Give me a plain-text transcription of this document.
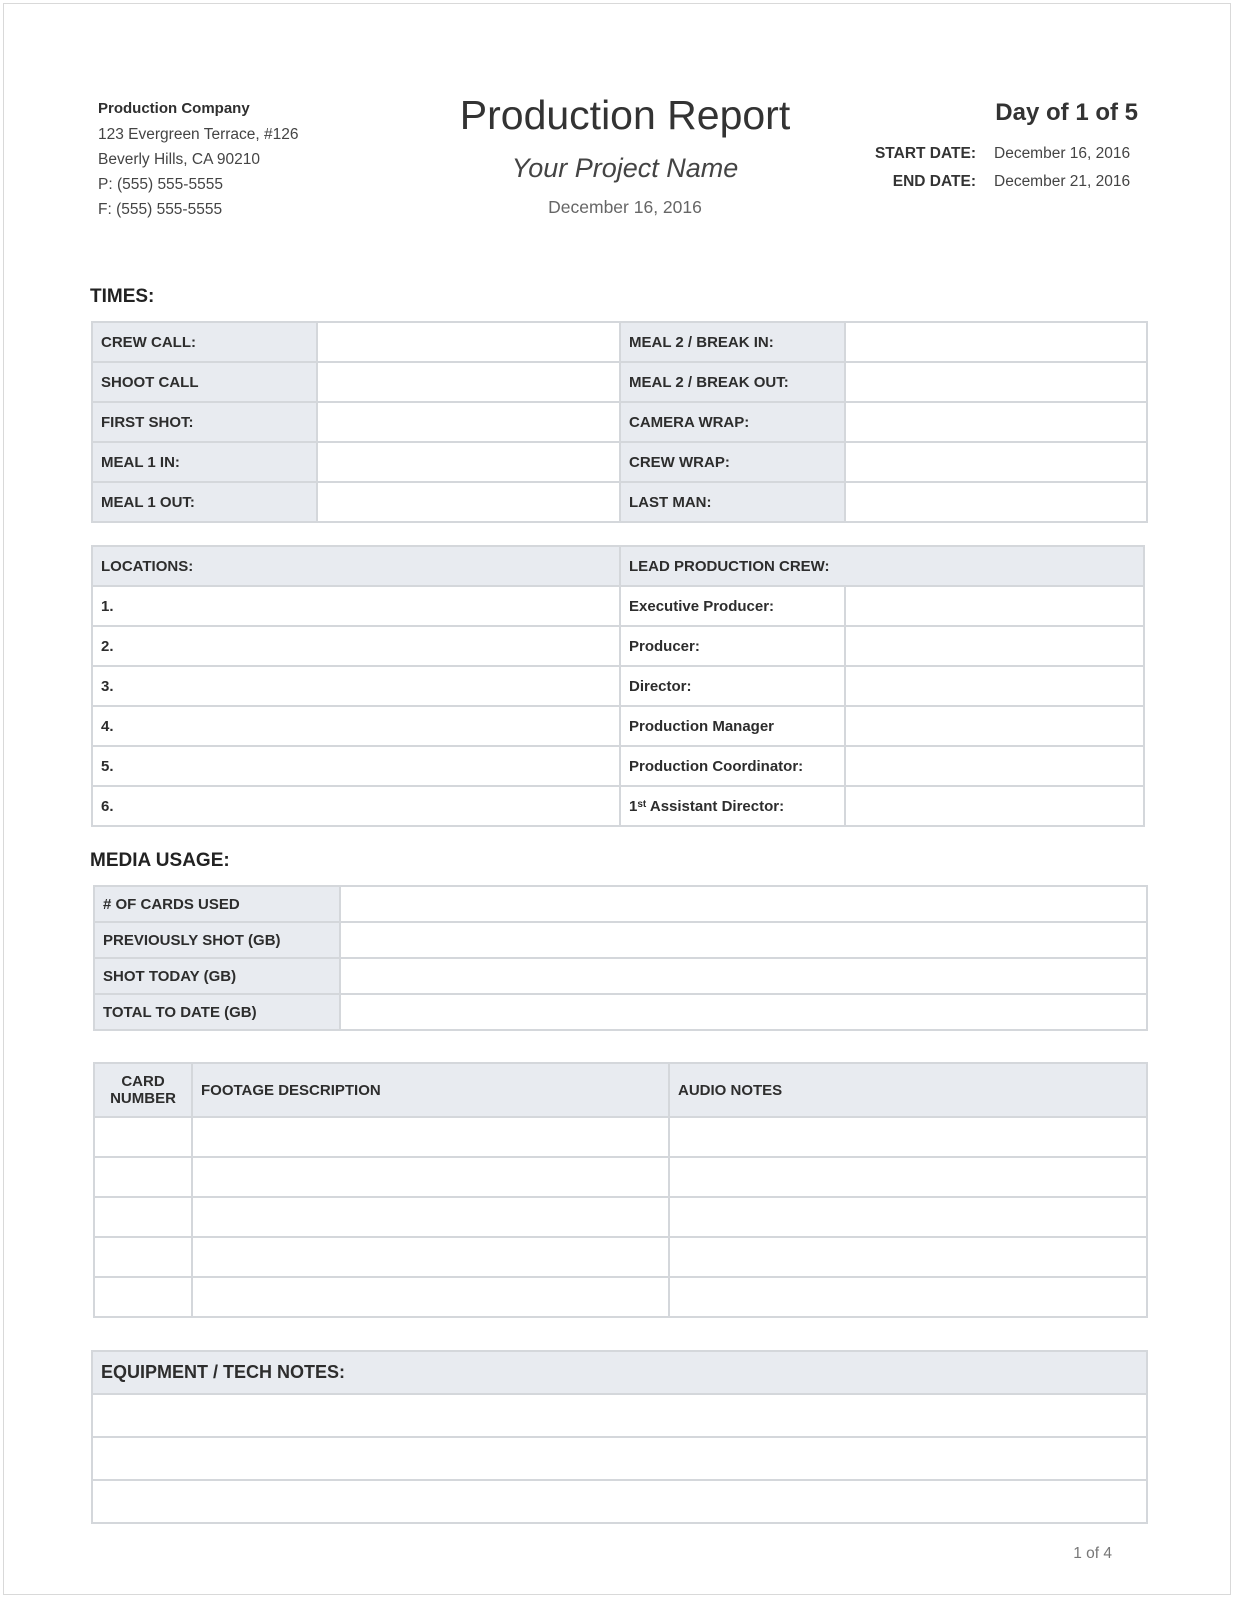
Production Company
123 Evergreen Terrace, #126
Beverly Hills, CA 90210
P: (555) 555-5555
F: (555) 555-5555
Production Report
Your Project Name
December 16, 2016
Day of 1 of 5
START DATE: December 16, 2016
END DATE: December 21, 2016
TIMES:
CREW CALL:		MEAL 2 / BREAK IN:	
SHOOT CALL		MEAL 2 / BREAK OUT:	
FIRST SHOT:		CAMERA WRAP:	
MEAL 1 IN:		CREW WRAP:	
MEAL 1 OUT:		LAST MAN:	
LOCATIONS:	LEAD PRODUCTION CREW:	
1.	Executive Producer:	
2.	Producer:	
3.	Director:	
4.	Production Manager	
5.	Production Coordinator:	
6.	1st Assistant Director:	
MEDIA USAGE:
# OF CARDS USED	
PREVIOUSLY SHOT (GB)	
SHOT TODAY (GB)	
TOTAL TO DATE (GB)	
CARD
NUMBER	FOOTAGE DESCRIPTION	AUDIO NOTES

EQUIPMENT / TECH NOTES:

1 of 4
